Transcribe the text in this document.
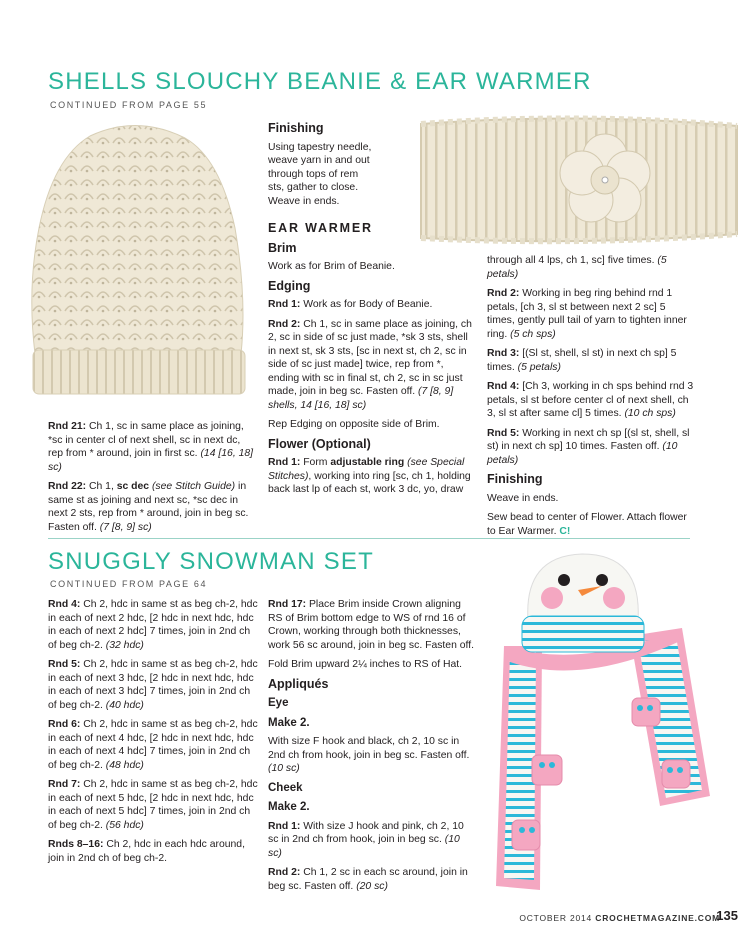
SHELLS SLOUCHY BEANIE & EAR WARMER
CONTINUED FROM PAGE 55

Rnd 21: Ch 1, sc in same place as joining, *sc in center cl of next shell, sc in next dc, rep from * around, join in first sc. (14 [16, 18] sc)

Rnd 22: Ch 1, sc dec (see Stitch Guide) in same st as joining and next sc, *sc dec in next 2 sts, rep from * around, join in beg sc. Fasten off. (7 [8, 9] sc)

Finishing

Using tapestry needle, weave yarn in and out through tops of rem sts, gather to close. Weave in ends.

EAR WARMER
Brim

Work as for Brim of Beanie.

Edging

Rnd 1: Work as for Body of Beanie.

Rnd 2: Ch 1, sc in same place as joining, ch 2, sc in side of sc just made, *sk 3 sts, shell in next st, sk 3 sts, [sc in next st, ch 2, sc in side of sc just made] twice, rep from *, ending with sc in final st, ch 2, sc in sc just made, join in beg sc. Fasten off. (7 [8, 9] shells, 14 [16, 18] sc)

Rep Edging on opposite side of Brim.

Flower (Optional)

Rnd 1: Form adjustable ring (see Special Stitches), working into ring [sc, ch 1, holding back last lp of each st, work 3 dc, yo, draw

through all 4 lps, ch 1, sc] five times. (5 petals)

Rnd 2: Working in beg ring behind rnd 1 petals, [ch 3, sl st between next 2 sc] 5 times, gently pull tail of yarn to tighten inner ring. (5 ch sps)

Rnd 3: [(Sl st, shell, sl st) in next ch sp] 5 times. (5 petals)

Rnd 4: [Ch 3, working in ch sps behind rnd 3 petals, sl st before center cl of next shell, ch 3, sl st after same cl] 5 times. (10 ch sps)

Rnd 5: Working in next ch sp [(sl st, shell, sl st) in next ch sp] 10 times. Fasten off. (10 petals)

Finishing

Weave in ends.

Sew bead to center of Flower. Attach flower to Ear Warmer. C!

SNUGGLY SNOWMAN SET
CONTINUED FROM PAGE 64

Rnd 4: Ch 2, hdc in same st as beg ch-2, hdc in each of next 2 hdc, [2 hdc in next hdc, hdc in each of next 2 hdc] 7 times, join in 2nd ch of beg ch-2. (32 hdc)

Rnd 5: Ch 2, hdc in same st as beg ch-2, hdc in each of next 3 hdc, [2 hdc in next hdc, hdc in each of next 3 hdc] 7 times, join in 2nd ch of beg ch-2. (40 hdc)

Rnd 6: Ch 2, hdc in same st as beg ch-2, hdc in each of next 4 hdc, [2 hdc in next hdc, hdc in each of next 4 hdc] 7 times, join in 2nd ch of beg ch-2. (48 hdc)

Rnd 7: Ch 2, hdc in same st as beg ch-2, hdc in each of next 5 hdc, [2 hdc in next hdc, hdc in each of next 5 hdc] 7 times, join in 2nd ch of beg ch-2. (56 hdc)

Rnds 8–16: Ch 2, hdc in each hdc around, join in 2nd ch of beg ch-2.

Rnd 17: Place Brim inside Crown aligning RS of Brim bottom edge to WS of rnd 16 of Crown, working through both thicknesses, work 56 sc around, join in beg sc. Fasten off.

Fold Brim upward 2¼ inches to RS of Hat.

Appliqués
Eye
Make 2.

With size F hook and black, ch 2, 10 sc in 2nd ch from hook, join in beg sc. Fasten off. (10 sc)

Cheek
Make 2.

Rnd 1: With size J hook and pink, ch 2, 10 sc in 2nd ch from hook, join in beg sc. (10 sc)

Rnd 2: Ch 1, 2 sc in each sc around, join in beg sc. Fasten off. (20 sc)

OCTOBER 2014 CROCHETMAGAZINE.COM
135
